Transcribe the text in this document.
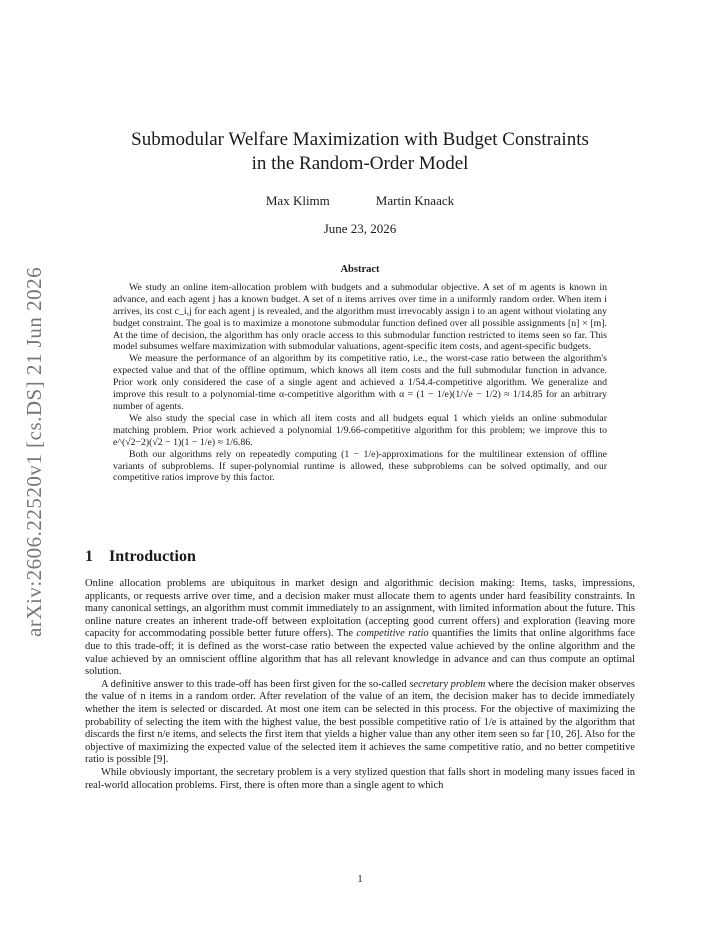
arXiv:2606.22520v1 [cs.DS] 21 Jun 2026
Submodular Welfare Maximization with Budget Constraints
in the Random-Order Model
Max Klimm	Martin Knaack
June 23, 2026
Abstract

We study an online item-allocation problem with budgets and a submodular objective. A set of m agents is known in advance, and each agent j has a known budget. A set of n items arrives over time in a uniformly random order. When item i arrives, its cost c_i,j for each agent j is revealed, and the algorithm must irrevocably assign i to an agent without violating any budget constraint. The goal is to maximize a monotone submodular function defined over all possible assignments [n] × [m]. At the time of decision, the algorithm has only oracle access to this submodular function restricted to items seen so far. This model subsumes welfare maximization with submodular valuations, agent-specific item costs, and agent-specific budgets.

We measure the performance of an algorithm by its competitive ratio, i.e., the worst-case ratio between the algorithm's expected value and that of the offline optimum, which knows all item costs and the full submodular function in advance. Prior work only considered the case of a single agent and achieved a 1/54.4-competitive algorithm. We generalize and improve this result to a polynomial-time α-competitive algorithm with α = (1 − 1/e)(1/√e − 1/2) ≈ 1/14.85 for an arbitrary number of agents.

We also study the special case in which all item costs and all budgets equal 1 which yields an online submodular matching problem. Prior work achieved a polynomial 1/9.66-competitive algorithm for this problem; we improve this to e^(√2−2)(√2 − 1)(1 − 1/e) ≈ 1/6.86.

Both our algorithms rely on repeatedly computing (1 − 1/e)-approximations for the multilinear extension of offline variants of subproblems. If super-polynomial runtime is allowed, these subproblems can be solved optimally, and our competitive ratios improve by this factor.

1 Introduction

Online allocation problems are ubiquitous in market design and algorithmic decision making: Items, tasks, impressions, applicants, or requests arrive over time, and a decision maker must allocate them to agents under hard feasibility constraints. In many canonical settings, an algorithm must commit immediately to an assignment, with limited information about the future. This online nature creates an inherent trade-off between exploitation (accepting good current offers) and exploration (leaving more capacity for accommodating possible better future offers). The competitive ratio quantifies the limits that online algorithms face due to this trade-off; it is defined as the worst-case ratio between the expected value achieved by the online algorithm and the value achieved by an omniscient offline algorithm that has all relevant knowledge in advance and can thus compute an optimal solution.

A definitive answer to this trade-off has been first given for the so-called secretary problem where the decision maker observes the value of n items in a random order. After revelation of the value of an item, the decision maker has to decide immediately whether the item is selected or discarded. At most one item can be selected in this process. For the objective of maximizing the probability of selecting the item with the highest value, the best possible competitive ratio of 1/e is attained by the algorithm that discards the first n/e items, and selects the first item that yields a higher value than any other item seen so far [10, 26]. Also for the objective of maximizing the expected value of the selected item it achieves the same competitive ratio, and no better competitive ratio is possible [9].

While obviously important, the secretary problem is a very stylized question that falls short in modeling many issues faced in real-world allocation problems. First, there is often more than a single agent to which

1
